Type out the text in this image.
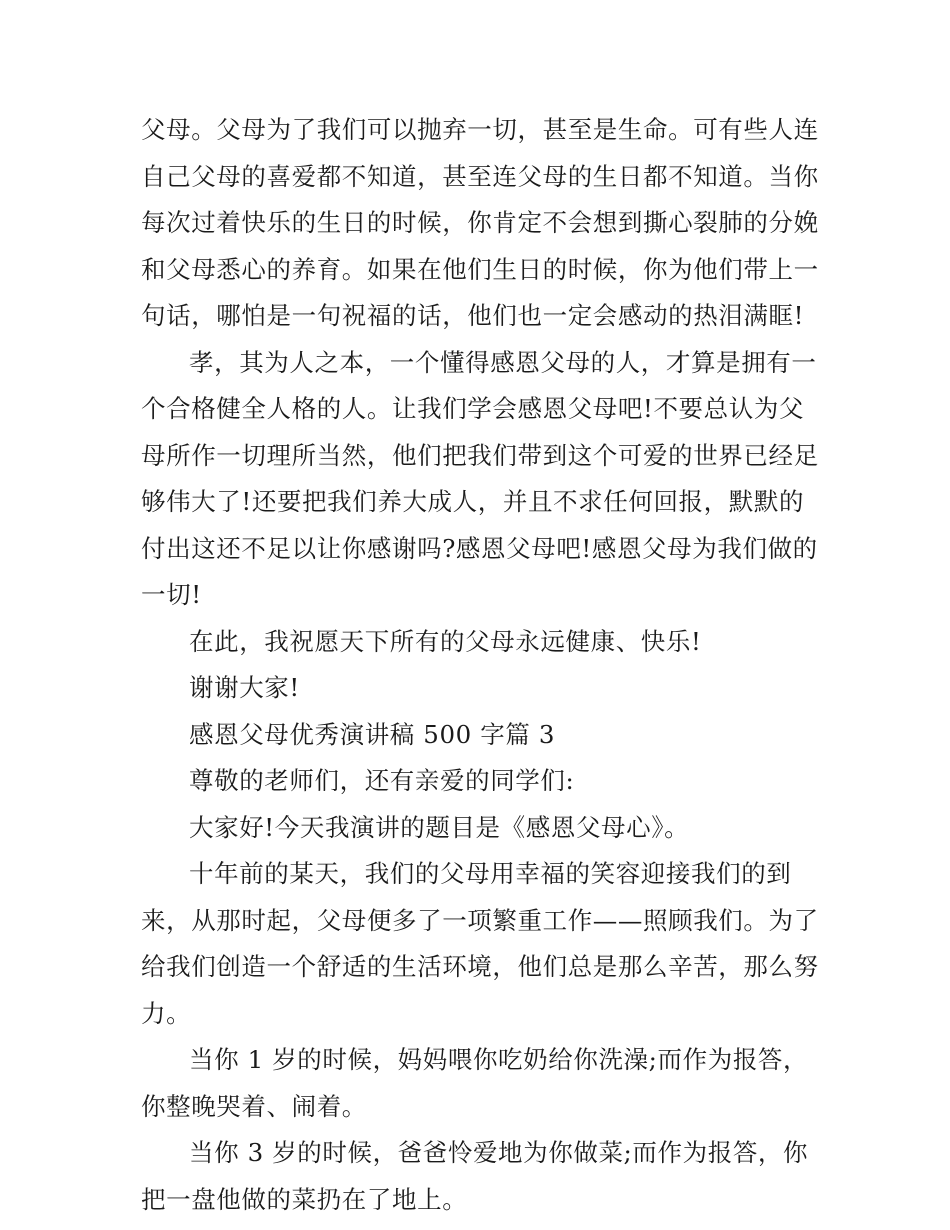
父母。父母为了我们可以抛弃一切，甚至是生命。可有些人连

自己父母的喜爱都不知道，甚至连父母的生日都不知道。当你

每次过着快乐的生日的时候，你肯定不会想到撕心裂肺的分娩

和父母悉心的养育。如果在他们生日的时候，你为他们带上一

句话，哪怕是一句祝福的话，他们也一定会感动的热泪满眶!

孝，其为人之本，一个懂得感恩父母的人，才算是拥有一

个合格健全人格的人。让我们学会感恩父母吧!不要总认为父

母所作一切理所当然，他们把我们带到这个可爱的世界已经足

够伟大了!还要把我们养大成人，并且不求任何回报，默默的

付出这还不足以让你感谢吗?感恩父母吧!感恩父母为我们做的

一切!

在此，我祝愿天下所有的父母永远健康、快乐!

谢谢大家!

感恩父母优秀演讲稿 500 字篇 3

尊敬的老师们，还有亲爱的同学们:

大家好!今天我演讲的题目是《感恩父母心》。

十年前的某天，我们的父母用幸福的笑容迎接我们的到

来，从那时起，父母便多了一项繁重工作——照顾我们。为了

给我们创造一个舒适的生活环境，他们总是那么辛苦，那么努

力。

当你 1 岁的时候，妈妈喂你吃奶给你洗澡;而作为报答，

你整晚哭着、闹着。

当你 3 岁的时候，爸爸怜爱地为你做菜;而作为报答，你

把一盘他做的菜扔在了地上。
